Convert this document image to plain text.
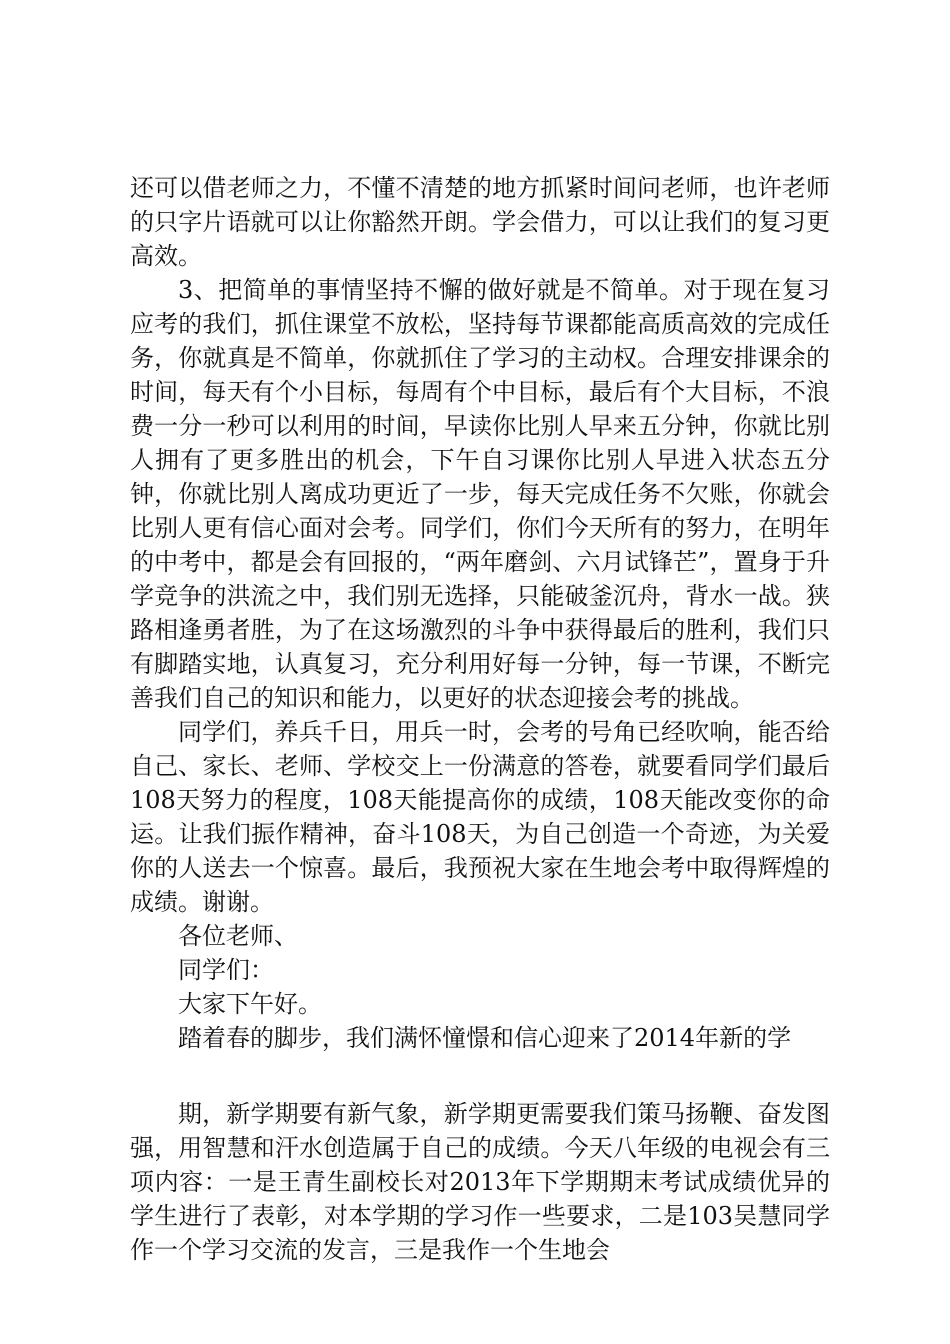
还可以借老师之力，不懂不清楚的地方抓紧时间问老师，也许老师的只字片语就可以让你豁然开朗。学会借力，可以让我们的复习更高效。

3、把简单的事情坚持不懈的做好就是不简单。对于现在复习应考的我们，抓住课堂不放松，坚持每节课都能高质高效的完成任务，你就真是不简单，你就抓住了学习的主动权。合理安排课余的时间，每天有个小目标，每周有个中目标，最后有个大目标，不浪费一分一秒可以利用的时间，早读你比别人早来五分钟，你就比别人拥有了更多胜出的机会，下午自习课你比别人早进入状态五分钟，你就比别人离成功更近了一步，每天完成任务不欠账，你就会比别人更有信心面对会考。同学们，你们今天所有的努力，在明年的中考中，都是会有回报的，“两年磨剑、六月试锋芒”，置身于升学竞争的洪流之中，我们别无选择，只能破釜沉舟，背水一战。狭路相逢勇者胜，为了在这场激烈的斗争中获得最后的胜利，我们只有脚踏实地，认真复习，充分利用好每一分钟，每一节课，不断完善我们自己的知识和能力，以更好的状态迎接会考的挑战。

同学们，养兵千日，用兵一时，会考的号角已经吹响，能否给自己、家长、老师、学校交上一份满意的答卷，就要看同学们最后108天努力的程度，108天能提高你的成绩，108天能改变你的命运。让我们振作精神，奋斗108天，为自己创造一个奇迹，为关爱你的人送去一个惊喜。最后，我预祝大家在生地会考中取得辉煌的成绩。谢谢。

各位老师、

同学们：

大家下午好。

踏着春的脚步，我们满怀憧憬和信心迎来了2014年新的学

期，新学期要有新气象，新学期更需要我们策马扬鞭、奋发图强，用智慧和汗水创造属于自己的成绩。今天八年级的电视会有三项内容：一是王青生副校长对2013年下学期期末考试成绩优异的学生进行了表彰，对本学期的学习作一些要求，二是103吴慧同学作一个学习交流的发言，三是我作一个生地会
